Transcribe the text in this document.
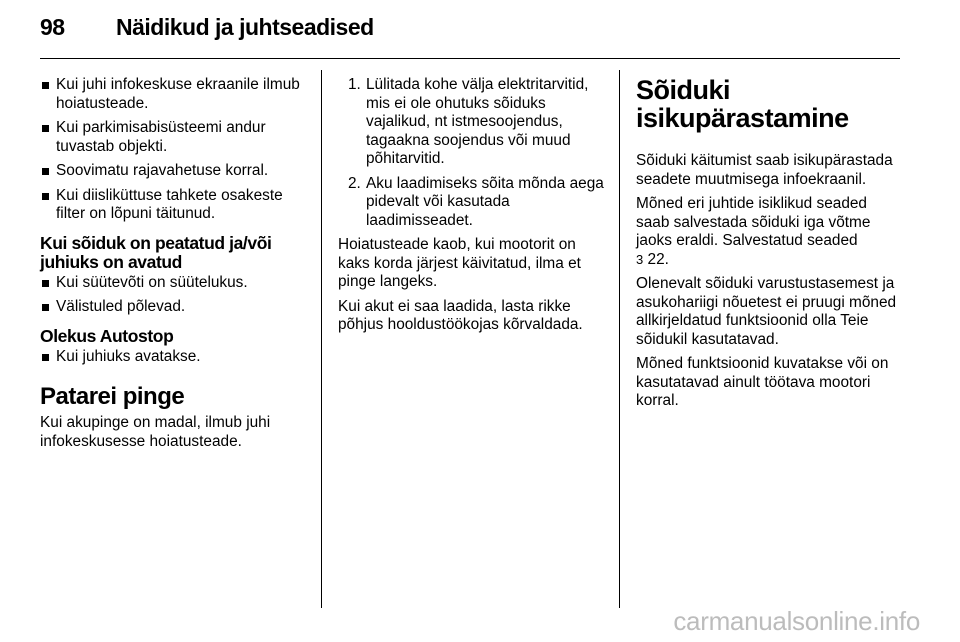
98 Näidikud ja juhtseadised
Kui juhi infokeskuse ekraanile ilmub hoiatusteade.
Kui parkimisabisüsteemi andur tuvastab objekti.
Soovimatu rajavahetuse korral.
Kui diisliküttuse tahkete osakeste filter on lõpuni täitunud.
Kui sõiduk on peatatud ja/või juhiuks on avatud
Kui süütevõti on süütelukus.
Välistuled põlevad.
Olekus Autostop
Kui juhiuks avatakse.
Patarei pinge

Kui akupinge on madal, ilmub juhi infokeskusesse hoiatusteade.

1. Lülitada kohe välja elektritarvitid, mis ei ole ohutuks sõiduks vajalikud, nt istmesoojendus, tagaakna soojendus või muud põhitarvitid.
2. Aku laadimiseks sõita mõnda aega pidevalt või kasutada laadimisseadet.

Hoiatusteade kaob, kui mootorit on kaks korda järjest käivitatud, ilma et pinge langeks.

Kui akut ei saa laadida, lasta rikke põhjus hooldustöökojas kõrvaldada.

Sõiduki
isikupärastamine

Sõiduki käitumist saab isikupärastada seadete muutmisega infoekraanil.

Mõned eri juhtide isiklikud seaded saab salvestada sõiduki iga võtme jaoks eraldi. Salvestatud seaded
3 22.

Olenevalt sõiduki varustustasemest ja asukohariigi nõuetest ei pruugi mõned allkirjeldatud funktsioonid olla Teie sõidukil kasutatavad.

Mõned funktsioonid kuvatakse või on kasutatavad ainult töötava mootori korral.

carmanualsonline.info
